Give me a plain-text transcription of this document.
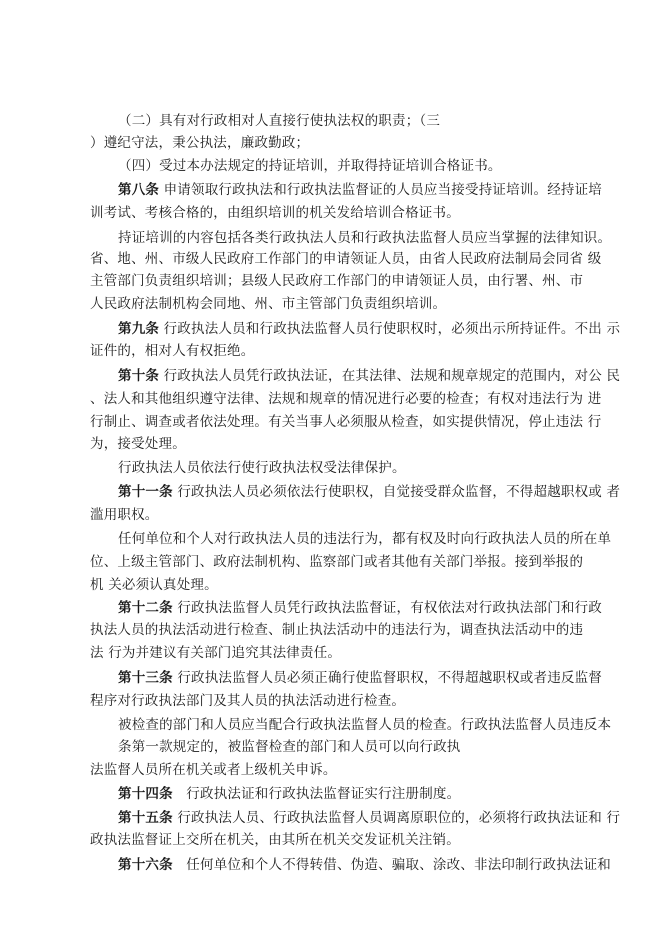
（二）具有对行政相对人直接行使执法权的职责；（三
）遵纪守法，秉公执法，廉政勤政；
（四）受过本办法规定的持证培训，并取得持证培训合格证书。
第八条 申请领取行政执法和行政执法监督证的人员应当接受持证培训。经持证培
训考试、考核合格的，由组织培训的机关发给培训合格证书。
持证培训的内容包括各类行政执法人员和行政执法监督人员应当掌握的法律知识。
省、地、州、市级人民政府工作部门的申请领证人员，由省人民政府法制局会同省 级
主管部门负责组织培训；县级人民政府工作部门的申请领证人员，由行署、州、市
人民政府法制机构会同地、州、市主管部门负责组织培训。
第九条 行政执法人员和行政执法监督人员行使职权时，必须出示所持证件。不出 示
证件的，相对人有权拒绝。
第十条 行政执法人员凭行政执法证，在其法律、法规和规章规定的范围内，对公 民
、法人和其他组织遵守法律、法规和规章的情况进行必要的检查；有权对违法行为 进
行制止、调查或者依法处理。有关当事人必须服从检查，如实提供情况，停止违法 行
为，接受处理。
行政执法人员依法行使行政执法权受法律保护。
第十一条 行政执法人员必须依法行使职权，自觉接受群众监督，不得超越职权或 者
滥用职权。
任何单位和个人对行政执法人员的违法行为，都有权及时向行政执法人员的所在单
位、上级主管部门、政府法制机构、监察部门或者其他有关部门举报。接到举报的
机 关必须认真处理。
第十二条 行政执法监督人员凭行政执法监督证，有权依法对行政执法部门和行政
执法人员的执法活动进行检查、制止执法活动中的违法行为，调查执法活动中的违
法 行为并建议有关部门追究其法律责任。
第十三条 行政执法监督人员必须正确行使监督职权，不得超越职权或者违反监督
程序对行政执法部门及其人员的执法活动进行检查。
被检查的部门和人员应当配合行政执法监督人员的检查。行政执法监督人员违反本
条第一款规定的，被监督检查的部门和人员可以向行政执
法监督人员所在机关或者上级机关申诉。
第十四条 行政执法证和行政执法监督证实行注册制度。
第十五条 行政执法人员、行政执法监督人员调离原职位的，必须将行政执法证和 行
政执法监督证上交所在机关，由其所在机关交发证机关注销。
第十六条 任何单位和个人不得转借、伪造、骗取、涂改、非法印制行政执法证和
